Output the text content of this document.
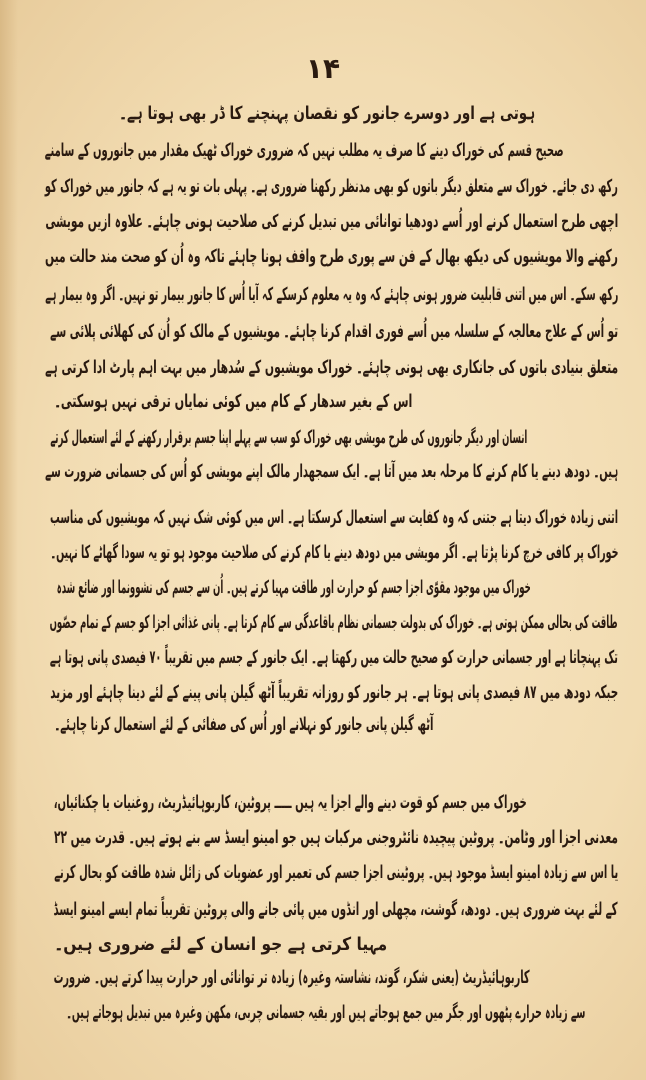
۱۴
ہوتی ہے اور دوسرے جانور کو نقصان پہنچنے کا ڈر بھی ہوتا ہے۔
صحیح قسم کی خوراک دینے کا صرف یہ مطلب نہیں کہ ضروری خوراک ٹھیک مقدار میں جانوروں کے سامنے
رکھ دی جائے۔ خوراک سے متعلق دیگر باتوں کو بھی مدنظر رکھنا ضروری ہے۔ پہلی بات تو یہ ہے کہ جانور میں خوراک کو
اچھی طرح استعمال کرنے اور اُسے دودھیا توانائی میں تبدیل کرنے کی صلاحیت ہونی چاہئے۔ علاوہ ازیں مویشی
رکھنے والا مویشیوں کی دیکھ بھال کے فن سے پوری طرح واقف ہونا چاہئے تاکہ وہ اُن کو صحت مند حالت میں
رکھ سکے۔ اس میں اتنی قابلیت ضرور ہونی چاہئے کہ وہ یہ معلوم کرسکے کہ آیا اُس کا جانور بیمار تو نہیں۔ اگر وہ بیمار ہے
تو اُس کے علاج معالجہ کے سلسلہ میں اُسے فوری اقدام کرنا چاہئے۔ مویشیوں کے مالک کو اُن کی کھلائی پلائی سے
متعلق بنیادی باتوں کی جانکاری بھی ہونی چاہئے۔ خوراک مویشیوں کے سُدھار میں بہت اہم پارٹ ادا کرتی ہے
اس کے بغیر سدھار کے کام میں کوئی نمایاں ترقی نہیں ہوسکتی۔
انسان اور دیگر جانوروں کی طرح مویشی بھی خوراک کو سب سے پہلے اپنا جسم برقرار رکھنے کے لئے استعمال کرتے
ہیں۔ دودھ دینے یا کام کرنے کا مرحلہ بعد میں آتا ہے۔ ایک سمجھدار مالک اپنے مویشی کو اُس کی جسمانی ضرورت سے
اتنی زیادہ خوراک دیتا ہے جتنی کہ وہ کفایت سے استعمال کرسکتا ہے۔ اس میں کوئی شک نہیں کہ مویشیوں کی مناسب
خوراک پر کافی خرچ کرنا پڑتا ہے۔ اگر مویشی میں دودھ دینے یا کام کرنے کی صلاحیت موجود ہو تو یہ سودا گھاٹے کا نہیں۔
خوراک میں موجود مقوّی اجزا جسم کو حرارت اور طاقت مہیا کرتے ہیں۔ اُن سے جسم کی نشوونما اور ضائع شدہ
طاقت کی بحالی ممکن ہوتی ہے۔ خوراک کی بدولت جسمانی نظام باقاعدگی سے کام کرتا ہے۔ پانی غذائی اجزا کو جسم کے تمام حصّوں
تک پہنچاتا ہے اور جسمانی حرارت کو صحیح حالت میں رکھتا ہے۔ ایک جانور کے جسم میں تقریباً ۷۰ فیصدی پانی ہوتا ہے
جبکہ دودھ میں ۸۷ فیصدی پانی ہوتا ہے۔ ہر جانور کو روزانہ تقریباً آٹھ گیلن پانی پینے کے لئے دینا چاہئے اور مزید
آٹھ گیلن پانی جانور کو نہلانے اور اُس کی صفائی کے لئے استعمال کرنا چاہئے۔
خوراک میں جسم کو قوت دینے والے اجزا یہ ہیں ـــــ پروٹین، کاربوہائیڈریٹ، روغنیات یا چکنائیاں،
معدنی اجزا اور وٹامن۔ پروٹین پیچیدہ نائٹروجنی مرکبات ہیں جو امینو ایسڈ سے بنے ہوتے ہیں۔ قدرت میں ۲۲
یا اس سے زیادہ امینو ایسڈ موجود ہیں۔ پروٹینی اجزا جسم کی تعمیر اور عضویات کی زائل شدہ طاقت کو بحال کرنے
کے لئے بہت ضروری ہیں۔ دودھ، گوشت، مچھلی اور انڈوں میں پائی جانے والی پروٹین تقریباً تمام ایسے امینو ایسڈ
مہیا کرتی ہے جو انسان کے لئے ضروری ہیں۔
کاربوہائیڈریٹ (یعنی شکر، گوند، نشاستہ وغیرہ) زیادہ تر توانائی اور حرارت پیدا کرتے ہیں۔ ضرورت
سے زیادہ حرارے پٹھوں اور جگر میں جمع ہوجاتے ہیں اور بقیہ جسمانی چربی، مکھن وغیرہ میں تبدیل ہوجاتے ہیں۔
